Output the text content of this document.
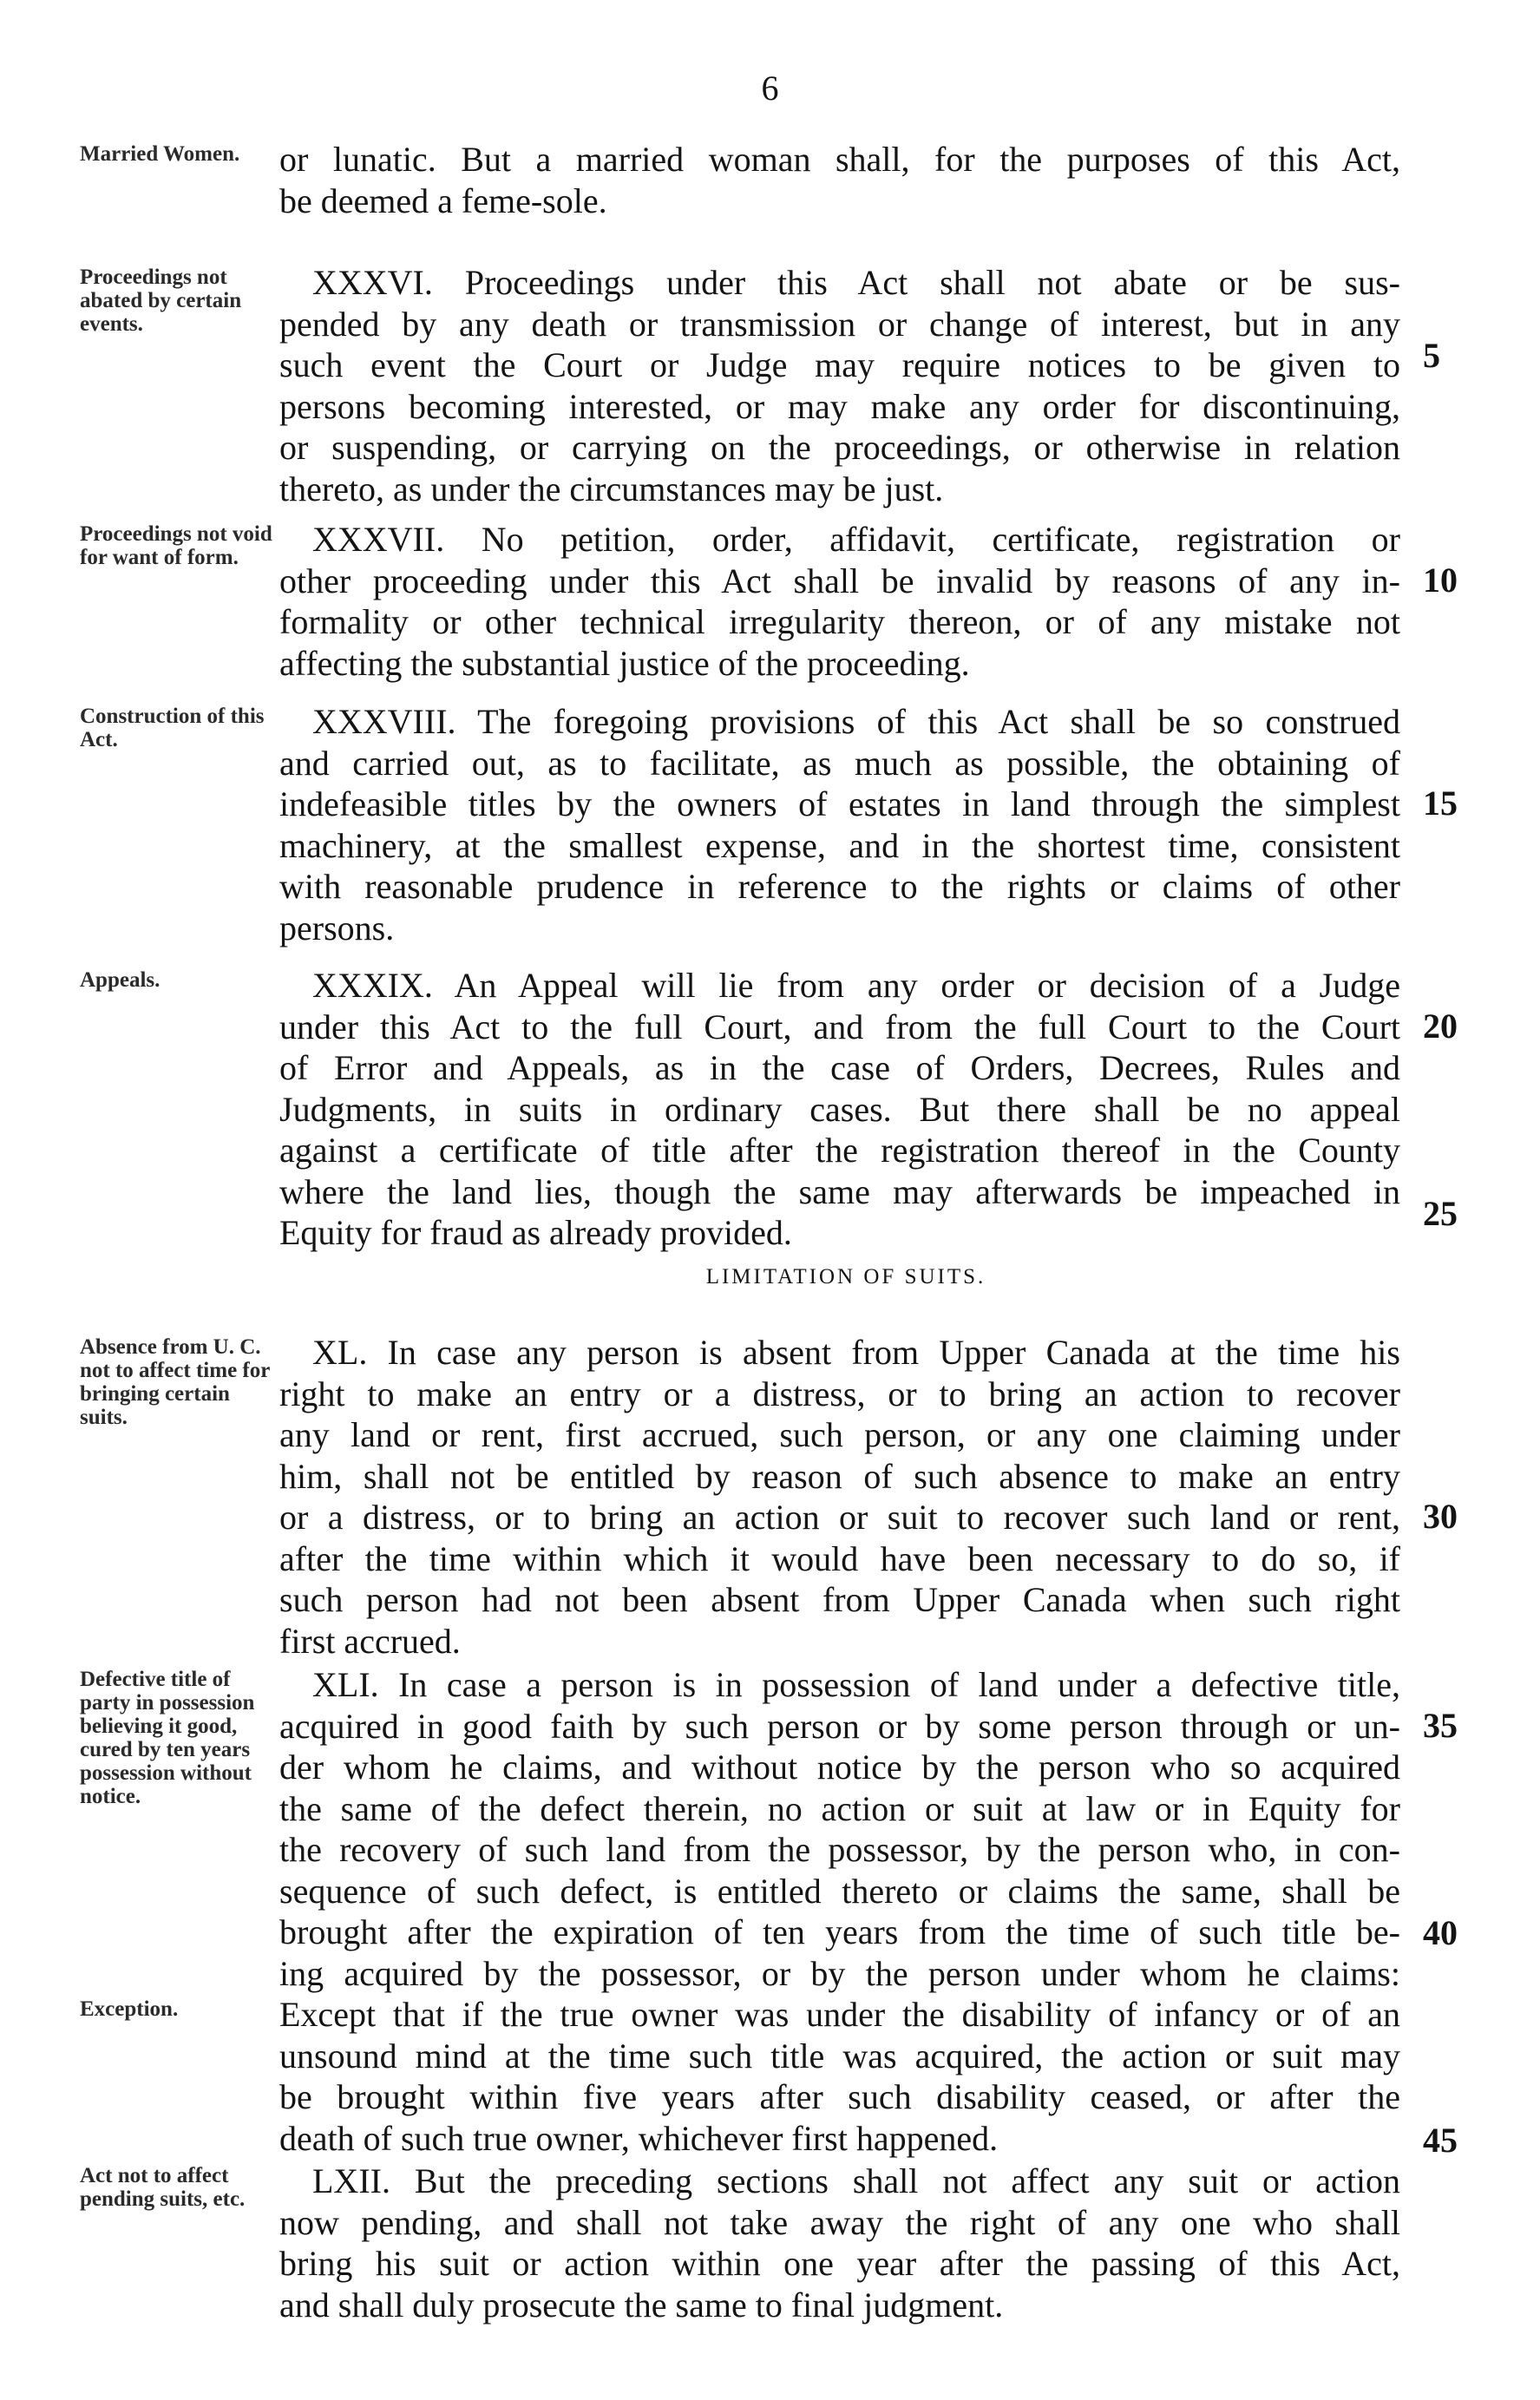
6
Married Women.	or lunatic. But a married woman shall, for the purposes of this Act,
be deemed a feme-sole.
Proceedings not abated by certain events.
XXXVI. Proceedings under this Act shall not abate or be sus-
pended by any death or transmission or change of interest, but in any
such event the Court or Judge may require notices to be given to
persons becoming interested, or may make any order for discontinuing,
or suspending, or carrying on the proceedings, or otherwise in relation
thereto, as under the circumstances may be just.
Proceedings not void for want of form.	XXXVII. No petition, order, affidavit, certificate, registration or
other proceeding under this Act shall be invalid by reasons of any in-
formality or other technical irregularity thereon, or of any mistake not
affecting the substantial justice of the proceeding.
Construction of this Act.	XXXVIII. The foregoing provisions of this Act shall be so construed
and carried out, as to facilitate, as much as possible, the obtaining of
indefeasible titles by the owners of estates in land through the simplest
machinery, at the smallest expense, and in the shortest time, consistent
with reasonable prudence in reference to the rights or claims of other
persons.
Appeals.	XXXIX. An Appeal will lie from any order or decision of a Judge
under this Act to the full Court, and from the full Court to the Court
of Error and Appeals, as in the case of Orders, Decrees, Rules and
Judgments, in suits in ordinary cases. But there shall be no appeal
against a certificate of title after the registration thereof in the County
where the land lies, though the same may afterwards be impeached in
Equity for fraud as already provided.
Absence from U. C. not to affect time for bringing certain suits.
XL. In case any person is absent from Upper Canada at the time his
right to make an entry or a distress, or to bring an action to recover
any land or rent, first accrued, such person, or any one claiming under
him, shall not be entitled by reason of such absence to make an entry
or a distress, or to bring an action or suit to recover such land or rent,
after the time within which it would have been necessary to do so, if
such person had not been absent from Upper Canada when such right
first accrued.
Defective title of party in possession believing it good, cured by ten years possession without notice.
Exception.
XLI. In case a person is in possession of land under a defective title,
acquired in good faith by such person or by some person through or un-
der whom he claims, and without notice by the person who so acquired
the same of the defect therein, no action or suit at law or in Equity for
the recovery of such land from the possessor, by the person who, in con-
sequence of such defect, is entitled thereto or claims the same, shall be
brought after the expiration of ten years from the time of such title be-
ing acquired by the possessor, or by the person under whom he claims:
Except that if the true owner was under the disability of infancy or of an
unsound mind at the time such title was acquired, the action or suit may
be brought within five years after such disability ceased, or after the
death of such true owner, whichever first happened.
Act not to affect pending suits, etc.	LXII. But the preceding sections shall not affect any suit or action
now pending, and shall not take away the right of any one who shall
bring his suit or action within one year after the passing of this Act,
and shall duly prosecute the same to final judgment.
LIMITATION OF SUITS.
5
10
15
20
25
30
35
40
45
